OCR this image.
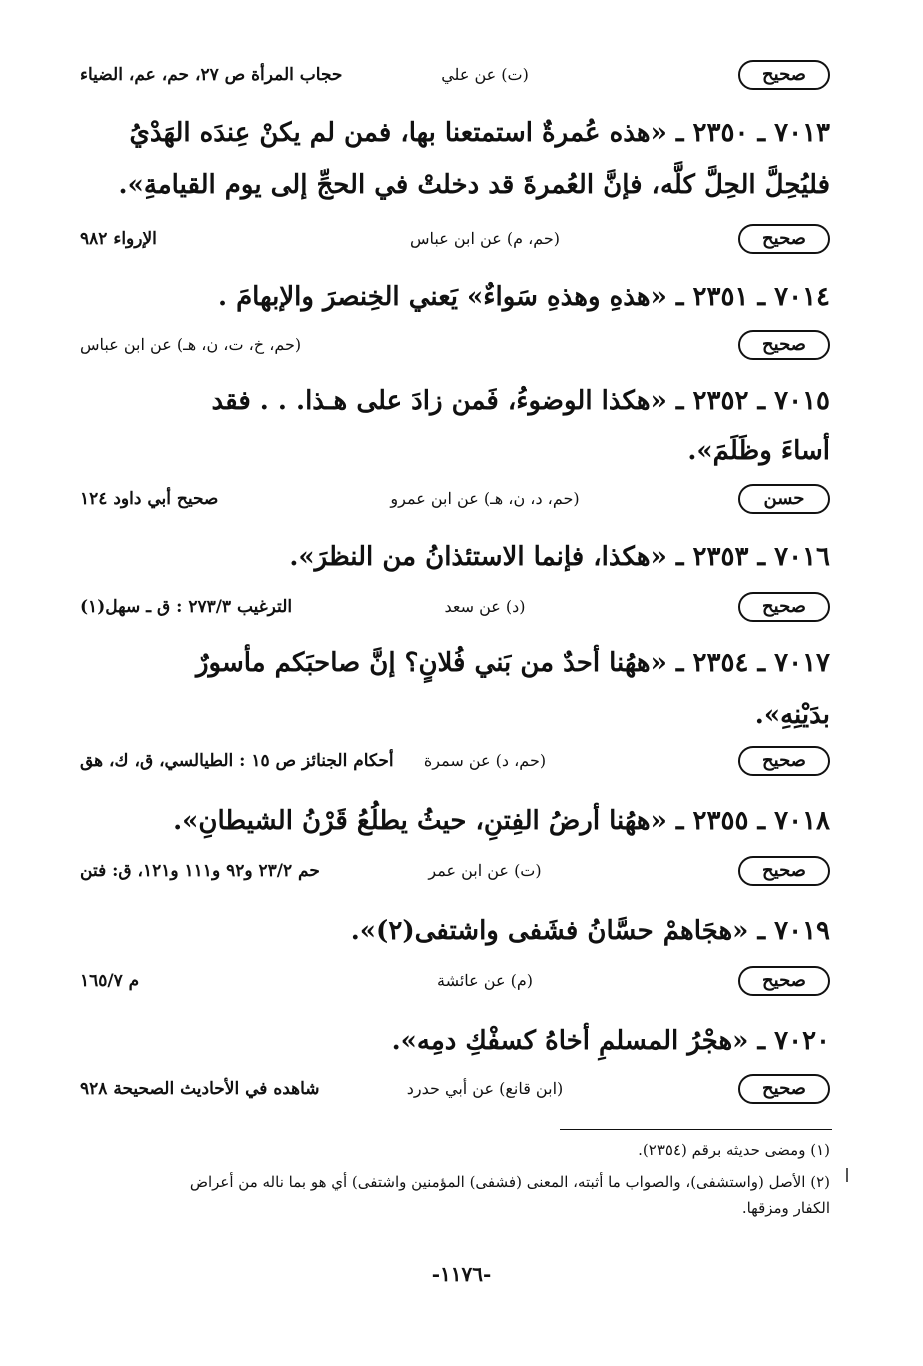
صحيح
(ت) عن علي
حجاب المرأة ص ٢٧، حم، عم، الضياء
٧٠١٣ ـ ٢٣٥٠ ـ «هذه عُمرةٌ استمتعنا بها، فمن لم يكنْ عِندَه الهَدْيُ
فليُحِلَّ الحِلَّ كلَّه، فإنَّ العُمرةَ قد دخلتْ في الحجِّ إلى يوم القيامةِ».
صحيح
(حم، م) عن ابن عباس
الإرواء ٩٨٢
٧٠١٤ ـ ٢٣٥١ ـ «هذهِ وهذهِ سَواءٌ» يَعني الخِنصرَ والإبهامَ .
صحيح
(حم، خ، ت، ن، هـ) عن ابن عباس
٧٠١٥ ـ ٢٣٥٢ ـ «هكذا الوضوءُ، فَمن زادَ على هـذا. . . فقد
أساءَ وظَلَمَ».
حسن
(حم، د، ن، هـ) عن ابن عمرو
صحيح أبي داود ١٢٤
٧٠١٦ ـ ٢٣٥٣ ـ «هكذا، فإنما الاستئذانُ من النظرَ».
صحيح
(د) عن سعد
الترغيب ٢٧٣/٣ : ق ـ سهل(١)
٧٠١٧ ـ ٢٣٥٤ ـ «ههُنا أحدٌ من بَني فُلانٍ؟ إنَّ صاحبَكم مأسورٌ
بدَيْنِهِ».
صحيح
(حم، د) عن سمرة
أحكام الجنائز ص ١٥ : الطيالسي، ق، ك، هق
٧٠١٨ ـ ٢٣٥٥ ـ «ههُنا أرضُ الفِتنِ، حيثُ يطلُعُ قَرْنُ الشيطانِ».
صحيح
(ت) عن ابن عمر
حم ٢٣/٢ و٩٢ و١١١ و١٢١، ق: فتن
٧٠١٩ ـ «هجَاهمْ حسَّانُ فشَفى واشتفى(٢)».
صحيح
(م) عن عائشة
م ١٦٥/٧
٧٠٢٠ ـ «هجْرُ المسلمِ أخاهُ كسفْكِ دمِه».
صحيح
(ابن قانع) عن أبي حدرد
شاهده في الأحاديث الصحيحة ٩٢٨
(١) ومضى حديثه برقم (٢٣٥٤).
(٢) الأصل (واستشفى)، والصواب ما أثبته، المعنى (فشفى) المؤمنين واشتفى) أي هو بما ناله من أعراض
الكفار ومزقها.
-١١٧٦-
